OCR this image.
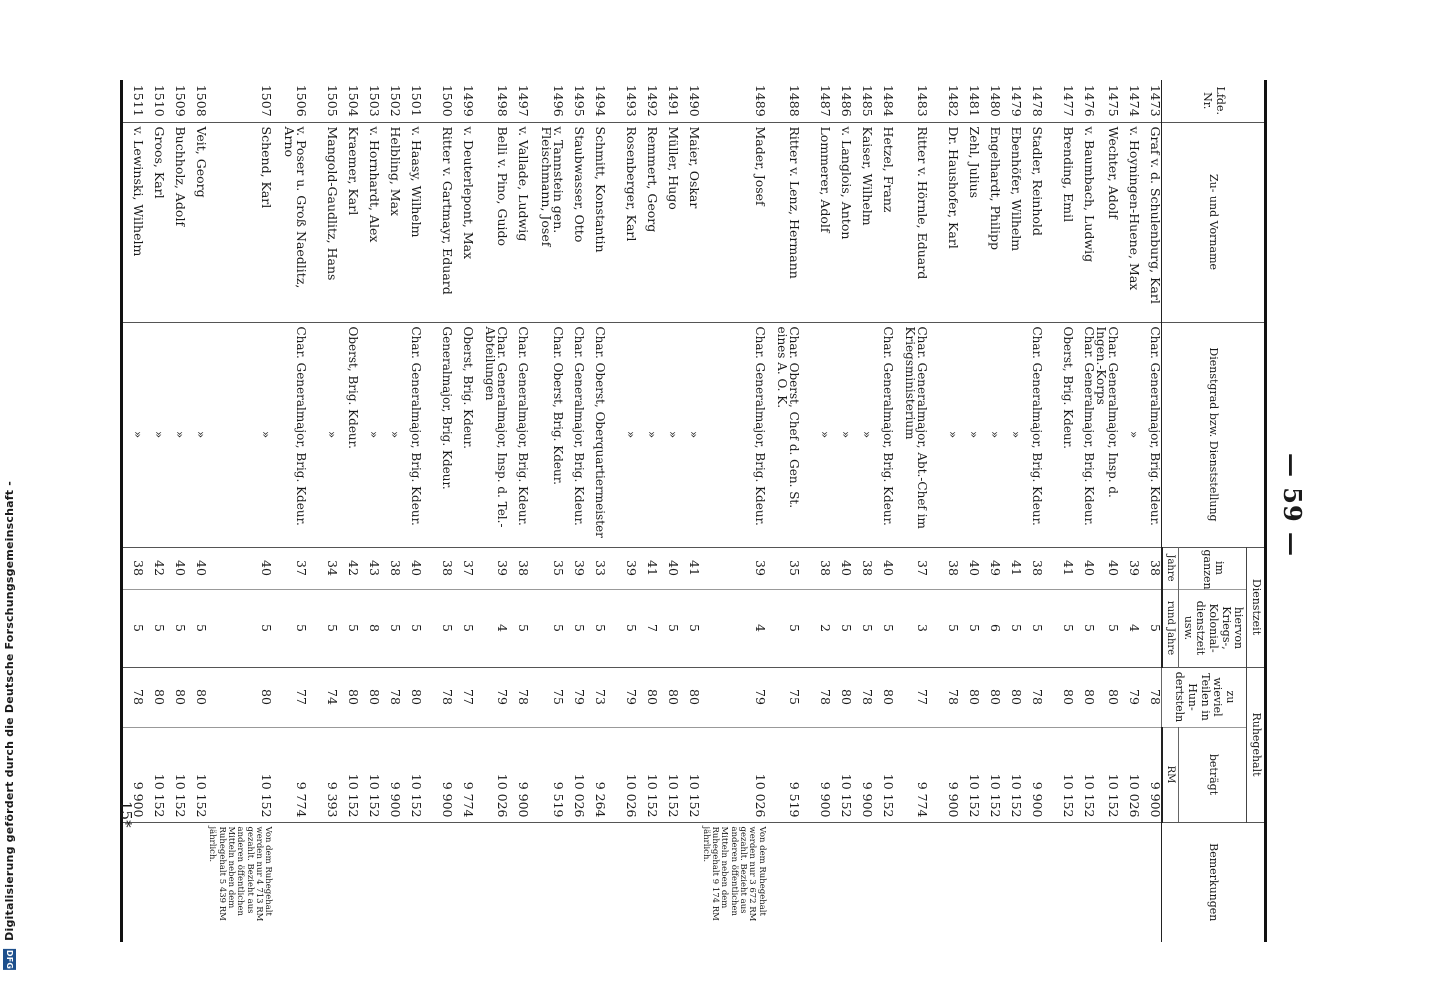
DFG Digitalisierung gefördert durch die Deutsche Forschungsgemeinschaft -	— 59 —
Lfde. Nr.	Zu- und Vorname	Dienstgrad bzw. Dienststellung	Dienstzeit		Ruhegehalt		Bemerkungen
			im ganzen	hiervon Kriegs-, Kolonial-dienstzeit usw.	zu wieviel Teilen in Hun-dertsteln	beträgt	
			Jahre	rund Jahre		RM	
1473	Graf v. d. Schulenburg, Karl	Char. Generalmajor, Brig. Kdeur.	38	5	78	9 900	
1474	v. Hoyningen-Huene, Max	»	39	4	79	10 026	
1475	Wechter, Adolf	Char. Generalmajor, Insp. d. Ingen.-Korps	40	5	80	10 152	
1476	v. Baumbach, Ludwig	Char. Generalmajor, Brig. Kdeur.	40	5	80	10 152	
1477	Brending, Emil	Oberst, Brig. Kdeur.	41	5	80	10 152	

1478	Stadler, Reinhold	Char. Generalmajor, Brig. Kdeur.	38	5	78	9 900	
1479	Ebenhöfer, Wilhelm	»	41	5	80	10 152	
1480	Engelhardt, Philipp	»	49	6	80	10 152	
1481	Zehl, Julius	»	40	5	80	10 152	
1482	Dr. Haushofer, Karl	»	38	5	78	9 900	

1483	Ritter v. Hörnle, Eduard	Char. Generalmajor, Abt.-Chef im Kriegsministerium	37	3	77	9 774	

1484	Hetzel, Franz	Char. Generalmajor, Brig. Kdeur.	40	5	80	10 152	
1485	Kaiser, Wilhelm	»	38	5	78	9 900	
1486	v. Langlois, Anton	»	40	5	80	10 152	
1487	Lommerer, Adolf	»	38	2	78	9 900	

1488	Ritter v. Lenz, Hermann	Char. Oberst, Chef d. Gen. St. eines A. O. K.	35	5	75	9 519	

1489	Mader, Josef	Char. Generalmajor, Brig. Kdeur.	39	4	79	10 026	Von dem Ruhegehalt werden nur 3 672 RM gezahlt. Bezieht aus anderen öffentlichen Mitteln neben dem Ruhegehalt 9 174 RM jährlich.
1490	Maier, Oskar	»	41	5	80	10 152	
1491	Müller, Hugo	»	40	5	80	10 152	
1492	Remmert, Georg	»	41	7	80	10 152	
1493	Rosenberger, Karl	»	39	5	79	10 026	

1494	Schmitt, Konstantin	Char. Oberst, Oberquartiermeister	33	5	73	9 264	
1495	Staubwasser, Otto	Char. Generalmajor, Brig. Kdeur.	39	5	79	10 026	
1496	v. Tannstein gen. Fleischmann, Josef	Char. Oberst, Brig. Kdeur.	35	5	75	9 519	

1497	v. Vallade, Ludwig	Char. Generalmajor, Brig. Kdeur.	38	5	78	9 900	
1498	Belli v. Pino, Guido	Char. Generalmajor, Insp. d. Tel.-Abteilungen	39	4	79	10 026	

1499	v. Deuterlepont, Max	Oberst, Brig. Kdeur.	37	5	77	9 774	
1500	Ritter v. Gartmayr, Eduard	Generalmajor, Brig. Kdeur.	38	5	78	9 900	

1501	v. Haasy, Wilhelm	Char. Generalmajor, Brig. Kdeur.	40	5	80	10 152	
1502	Helbling, Max	»	38	5	78	9 900	
1503	v. Hornhardt, Alex	»	43	8	80	10 152	
1504	Kraemer, Karl	Oberst, Brig. Kdeur.	42	5	80	10 152	
1505	Mangold-Gaudlitz, Hans	»	34	5	74	9 393	

1506	v. Poser u. Groß Naedlitz, Arno	Char. Generalmajor, Brig. Kdeur.	37	5	77	9 774	

1507	Schend, Karl	»	40	5	80	10 152	Von dem Ruhegehalt werden nur 4 713 RM gezahlt. Bezieht aus anderen öffentlichen Mitteln neben dem Ruhegehalt 5 439 RM jährlich.
1508	Veit, Georg	»	40	5	80	10 152	
1509	Buchholz, Adolf	»	40	5	80	10 152	
1510	Groos, Karl	»	42	5	80	10 152	
1511	v. Lewinski, Wilhelm	»	38	5	78	9 900	
15*
